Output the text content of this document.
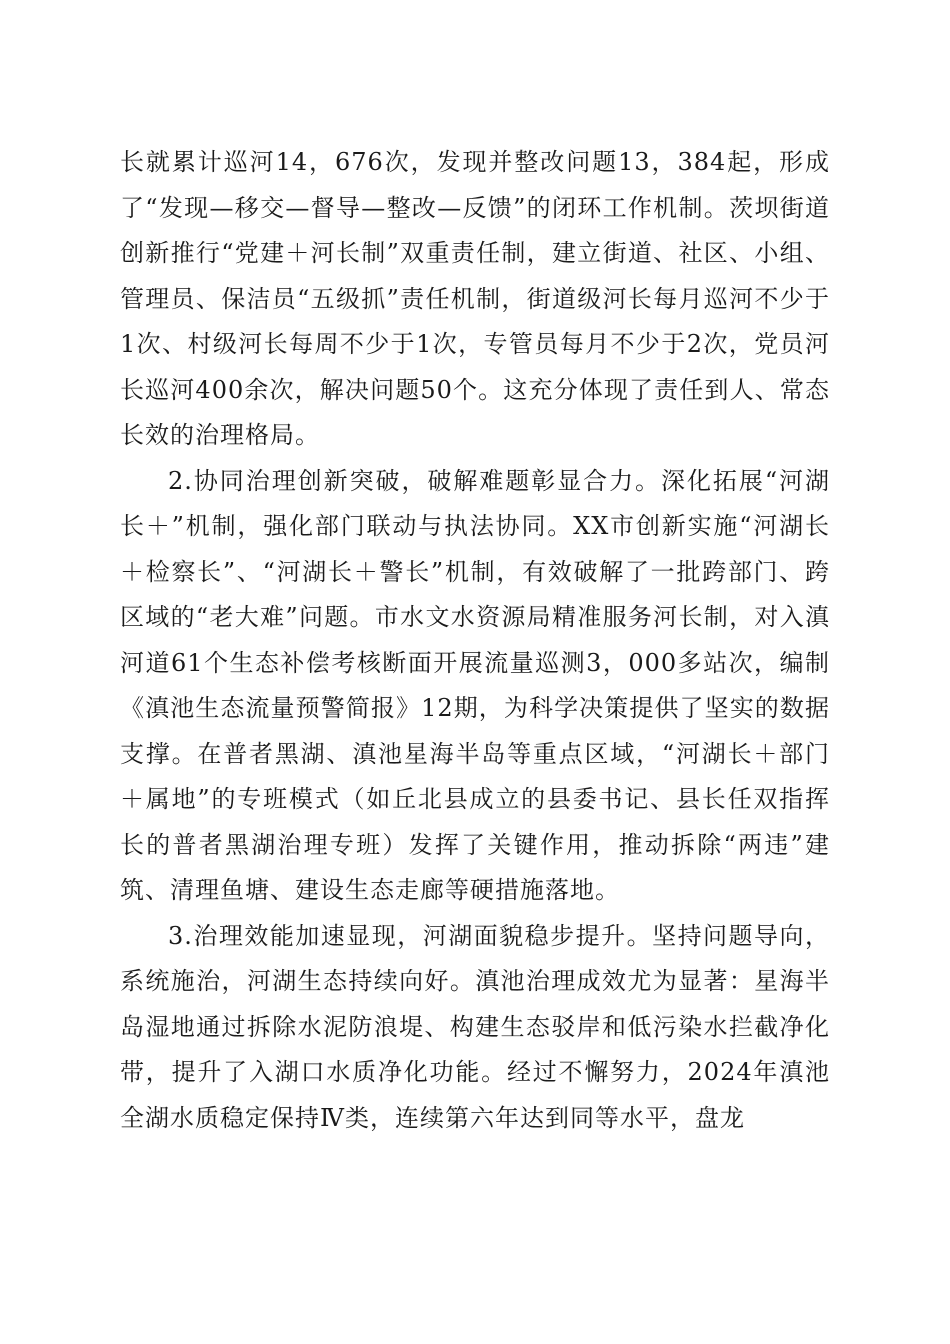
长就累计巡河14，676次，发现并整改问题13，384起，形成了“发现—移交—督导—整改—反馈”的闭环工作机制。茨坝街道创新推行“党建＋河长制”双重责任制，建立街道、社区、小组、管理员、保洁员“五级抓”责任机制，街道级河长每月巡河不少于1次、村级河长每周不少于1次，专管员每月不少于2次，党员河长巡河400余次，解决问题50个。这充分体现了责任到人、常态长效的治理格局。

2.协同治理创新突破，破解难题彰显合力。深化拓展“河湖长＋”机制，强化部门联动与执法协同。XX市创新实施“河湖长＋检察长”、“河湖长＋警长”机制，有效破解了一批跨部门、跨区域的“老大难”问题。市水文水资源局精准服务河长制，对入滇河道61个生态补偿考核断面开展流量巡测3，000多站次，编制《滇池生态流量预警简报》12期，为科学决策提供了坚实的数据支撑。在普者黑湖、滇池星海半岛等重点区域，“河湖长＋部门＋属地”的专班模式（如丘北县成立的县委书记、县长任双指挥长的普者黑湖治理专班）发挥了关键作用，推动拆除“两违”建筑、清理鱼塘、建设生态走廊等硬措施落地。

3.治理效能加速显现，河湖面貌稳步提升。坚持问题导向，系统施治，河湖生态持续向好。滇池治理成效尤为显著：星海半岛湿地通过拆除水泥防浪堤、构建生态驳岸和低污染水拦截净化带，提升了入湖口水质净化功能。经过不懈努力，2024年滇池全湖水质稳定保持Ⅳ类，连续第六年达到同等水平，盘龙
